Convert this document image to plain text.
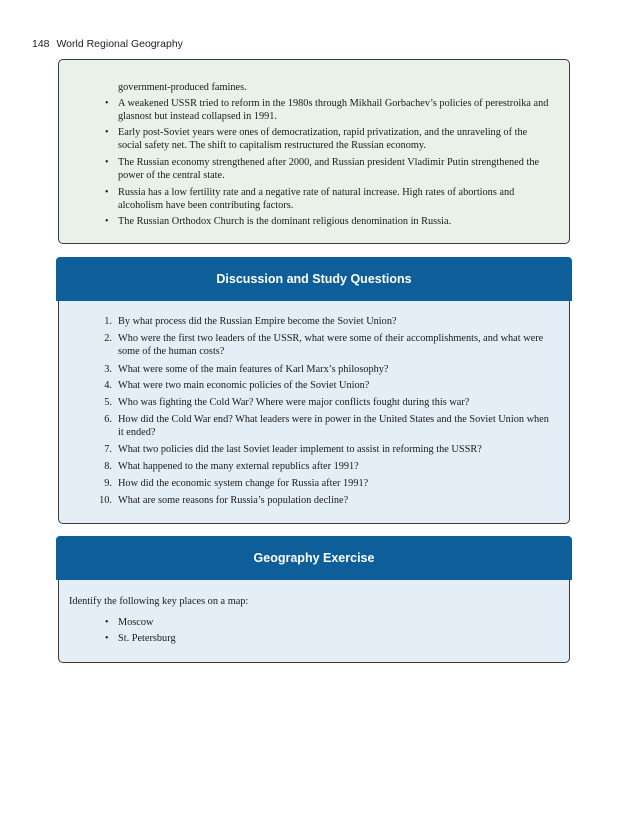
148 World Regional Geography
government-produced famines.
• A weakened USSR tried to reform in the 1980s through Mikhail Gorbachev’s policies of perestroika and glasnost but instead collapsed in 1991.
• Early post-Soviet years were ones of democratization, rapid privatization, and the unraveling of the social safety net. The shift to capitalism restructured the Russian economy.
• The Russian economy strengthened after 2000, and Russian president Vladimir Putin strengthened the power of the central state.
• Russia has a low fertility rate and a negative rate of natural increase. High rates of abortions and alcoholism have been contributing factors.
• The Russian Orthodox Church is the dominant religious denomination in Russia.
Discussion and Study Questions
1. By what process did the Russian Empire become the Soviet Union?
2. Who were the first two leaders of the USSR, what were some of their accomplishments, and what were some of the human costs?
3. What were some of the main features of Karl Marx’s philosophy?
4. What were two main economic policies of the Soviet Union?
5. Who was fighting the Cold War? Where were major conflicts fought during this war?
6. How did the Cold War end? What leaders were in power in the United States and the Soviet Union when it ended?
7. What two policies did the last Soviet leader implement to assist in reforming the USSR?
8. What happened to the many external republics after 1991?
9. How did the economic system change for Russia after 1991?
10. What are some reasons for Russia’s population decline?
Geography Exercise
Identify the following key places on a map:
• Moscow
• St. Petersburg
